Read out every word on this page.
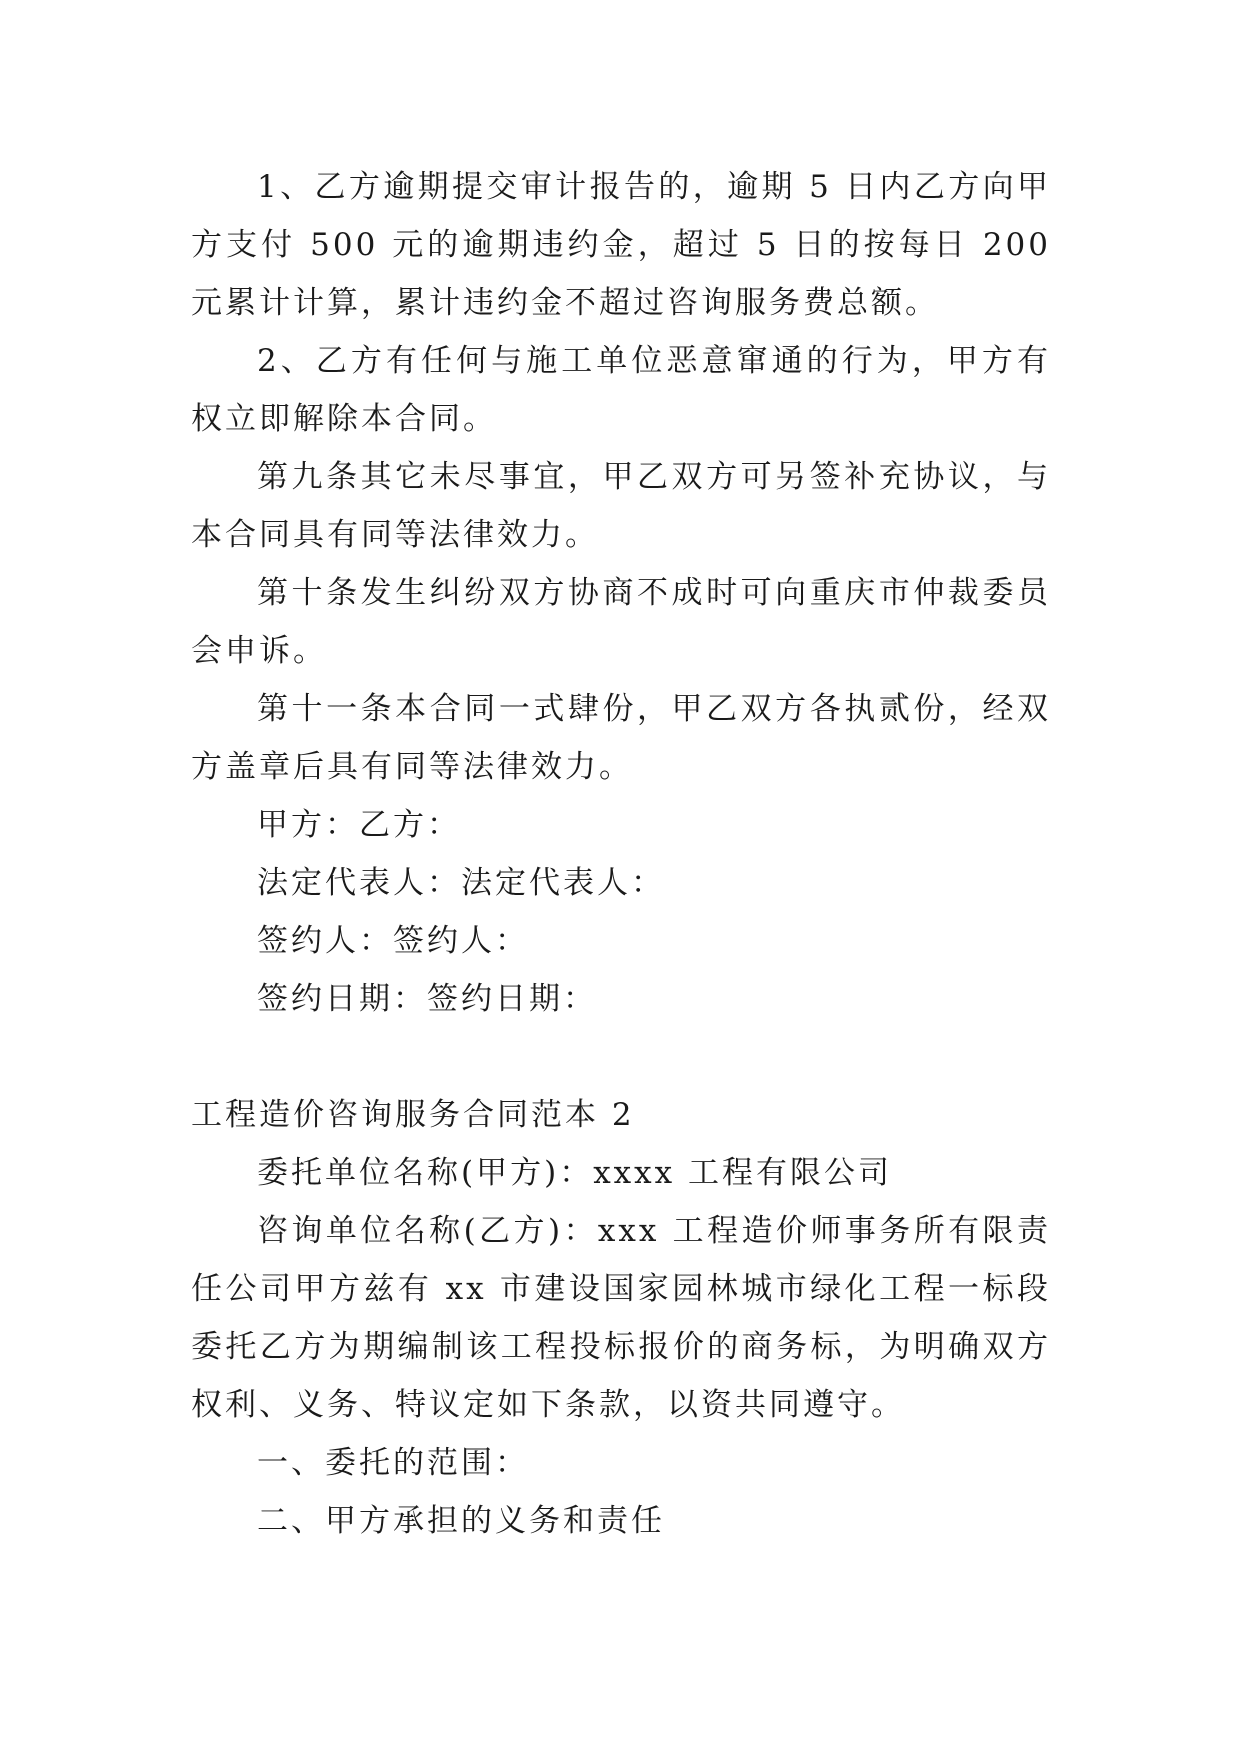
1、乙方逾期提交审计报告的，逾期 5 日内乙方向甲方支付 500 元的逾期违约金，超过 5 日的按每日 200 元累计计算，累计违约金不超过咨询服务费总额。

2、乙方有任何与施工单位恶意窜通的行为，甲方有权立即解除本合同。

第九条其它未尽事宜，甲乙双方可另签补充协议，与本合同具有同等法律效力。

第十条发生纠纷双方协商不成时可向重庆市仲裁委员会申诉。

第十一条本合同一式肆份，甲乙双方各执贰份，经双方盖章后具有同等法律效力。

甲方：乙方：

法定代表人：法定代表人：

签约人：签约人：

签约日期：签约日期：

工程造价咨询服务合同范本 2

委托单位名称(甲方)：xxxx 工程有限公司

咨询单位名称(乙方)：xxx 工程造价师事务所有限责任公司甲方兹有 xx 市建设国家园林城市绿化工程一标段委托乙方为期编制该工程投标报价的商务标，为明确双方权利、义务、特议定如下条款，以资共同遵守。

一、委托的范围：

二、甲方承担的义务和责任
